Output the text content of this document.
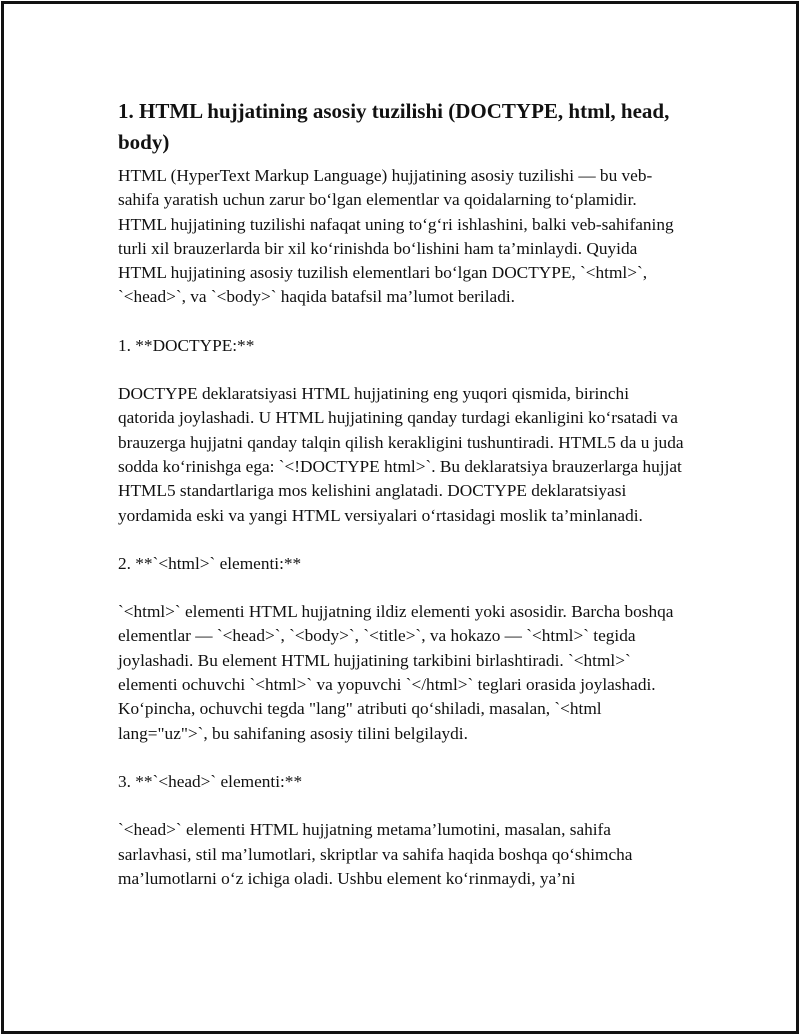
1. HTML hujjatining asosiy tuzilishi (DOCTYPE, html, head, body)

HTML (HyperText Markup Language) hujjatining asosiy tuzilishi — bu veb-sahifa yaratish uchun zarur bo‘lgan elementlar va qoidalarning to‘plamidir. HTML hujjatining tuzilishi nafaqat uning to‘g‘ri ishlashini, balki veb-sahifaning turli xil brauzerlarda bir xil ko‘rinishda bo‘lishini ham ta’minlaydi. Quyida HTML hujjatining asosiy tuzilish elementlari bo‘lgan DOCTYPE, `<html>`, `<head>`, va `<body>` haqida batafsil ma’lumot beriladi.

1. **DOCTYPE:**

DOCTYPE deklaratsiyasi HTML hujjatining eng yuqori qismida, birinchi qatorida joylashadi. U HTML hujjatining qanday turdagi ekanligini ko‘rsatadi va brauzerga hujjatni qanday talqin qilish kerakligini tushuntiradi. HTML5 da u juda sodda ko‘rinishga ega: `<!DOCTYPE html>`. Bu deklaratsiya brauzerlarga hujjat HTML5 standartlariga mos kelishini anglatadi. DOCTYPE deklaratsiyasi yordamida eski va yangi HTML versiyalari o‘rtasidagi moslik ta’minlanadi.

2. **`<html>` elementi:**

`<html>` elementi HTML hujjatning ildiz elementi yoki asosidir. Barcha boshqa elementlar — `<head>`, `<body>`, `<title>`, va hokazo — `<html>` tegida joylashadi. Bu element HTML hujjatining tarkibini birlashtiradi. `<html>` elementi ochuvchi `<html>` va yopuvchi `</html>` teglari orasida joylashadi. Ko‘pincha, ochuvchi tegda "lang" atributi qo‘shiladi, masalan, `<html lang="uz">`, bu sahifaning asosiy tilini belgilaydi.

3. **`<head>` elementi:**

`<head>` elementi HTML hujjatning metama’lumotini, masalan, sahifa sarlavhasi, stil ma’lumotlari, skriptlar va sahifa haqida boshqa qo‘shimcha ma’lumotlarni o‘z ichiga oladi. Ushbu element ko‘rinmaydi, ya’ni
